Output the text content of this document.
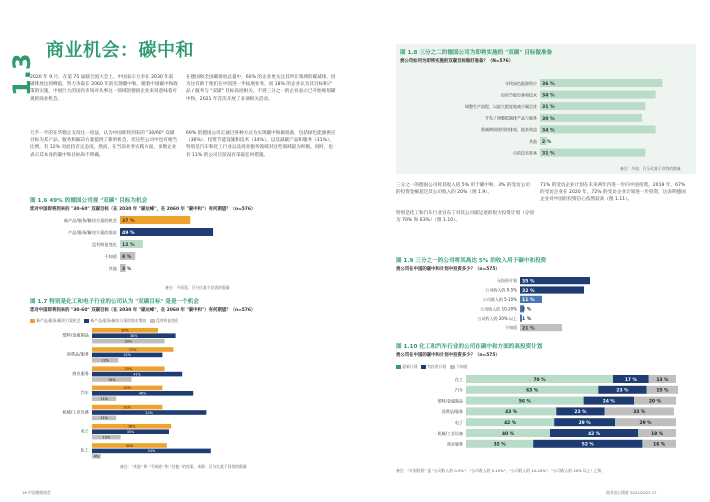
1.3
商业机会：碳中和
2020 年 9 月，在第 75 届联合国大会上，中国表示力争在 2030 年前碳排放达到峰值，努力争取在 2060 年前实现碳中和。随着中国碳中和政策的实施，中国巨大的国内市场对从事这一领域的德国企业来说意味着可观的商业机会。
几乎一半的在华德企支持这一说法，认为中国即将到来的 "30/60" 双碳目标为其产品、服务和解决方案提供了新的机会，但这些公司中也有相当比例，有 12% 对此持否定态度。然而，在当前业务实践方面，多数企业表示其本身的碳中和目标尚不明确。
在德国和全国碳排放总量中，60% 的企业更关注其所在领域的碳减排，因为这有助于他们在中国进一步拓展业务，而 18% 的企业认为其目标和产品 / 服务与 "双碳" 目标高度相关。不到三分之一的企业表示已开始规划碳中和，2021 年首次开展了多项相关活动。
69% 的德国公司正通过各种方式为实现碳中和做准备，包括绿色能源供应（36%）、投资节能设施和技术（34%）、以及减碳产品和服务（31%）。特别是汽车和化工行业以及商业服务领域对这些领域最为积极。同时，也有 11% 的公司目前没有采取任何措施。
图 1.6 49% 的德国公司视 "双碳" 目标为机会
您对中国即将到来的 "30-60" 双碳目标（在 2030 年 "碳达峰"，在 2060 年 "碳中和"）有何期望？（n=576）
新产品/服务/解决方案的机会 37 %
产品/服务/解决方案的需求 49 %
没有明显变化 12 %
不知道 8 %
其他 3 %
备注：不同意；百分比基于回答的数量
图 1.7 特别是化工和电子行业的公司认为 "双碳目标" 是是一个机会
您对中国即将到来的 "30-60" 双碳目标（在 2030 年 "碳达峰"，在 2060 年 "碳中和"）有何期望？（n=576）
新产品/服务/解决方案机会	新产品/服务/解决方案的需求增加	没有明显变化
塑料/金属制品
30%
38%
33%
消费品/服务
37%
32%
12%
商业服务
33%
41%
18%
汽车
32%
46%
11%
机械/工业设备
32%
52%
11%
电子
36%
35%
13%
化工
34%
54%
4%
备注："其他" 和 "不知道" 和 "其他" 的答案；来源：百分比基于回答的数量
图 1.8 三分之二的德国公司为即将实施的 "双碳" 目标做准备
贵公司如何为即将实施的双碳目标做好准备？（N=576）
寻找绿色能源供应 36 %
投资节能设备和技术 34 %
调整生产流程，以最大限度地减少碳足迹 31 %
开发 / 调整低碳排产品与服务 30 %
削减期间使用的排放，提高效益 34 %
其他 2 %
目前没有准备 31 %
备注：多选；百分比基于回答的数量
三分之一的德国公司将其收入的 5% 用于碳中和，3% 的受访公司的投资金额超过其公司收入的 20%（图 1.9）。
特别是化工和汽车行业宣布了对其公司碳足迹的很大投资计划（分别为 70% 和 63%）（图 1.10）。
71% 的受访企业计划在未来两年内进一步向中国投资。2019 年，67% 的受访企业在 2020 年，72% 的受访企业计划进一步投资，这表明德国企业对中国的投资信心依然较高（图 1.11）。
图 1.9 三分之一的公司将其高达 5% 的收入用于碳中和投资
贵公司在中国的碳中和计划中投资多少？（n=575）
无投资计划 35 %
公司收入的 0-5% 32 %
公司收入的 5-10% 11 %
公司收入的 10-20% 2 %
公司收入的 20% 以上 1 %
不知道 21 %
图 1.10 化工和汽车行业的公司在碳中和方面的高投资计划
贵公司在中国的碳中和计划中投资多少？（n=575）
最新计划	有投资计划	不知道
化工	70 %	17 %	13 %
汽车	63 %	23 %	15 %
塑料/金属制品	56 %	24 %	20 %
消费品/服务	43 %	23 %	33 %
电子	42 %	29 %	29 %
机械/工业设备	40 %	42 %	18 %
商业服务	32 %	52 %	16 %
备注："计划投资" 是 "公司收入的 0-5%"、"公司收入的 5-10%"、"公司收入的 10-20%"、"公司收入的 20% 以上" 之和。
16 中国德商商会	商业信心调查 2021/2022 17
